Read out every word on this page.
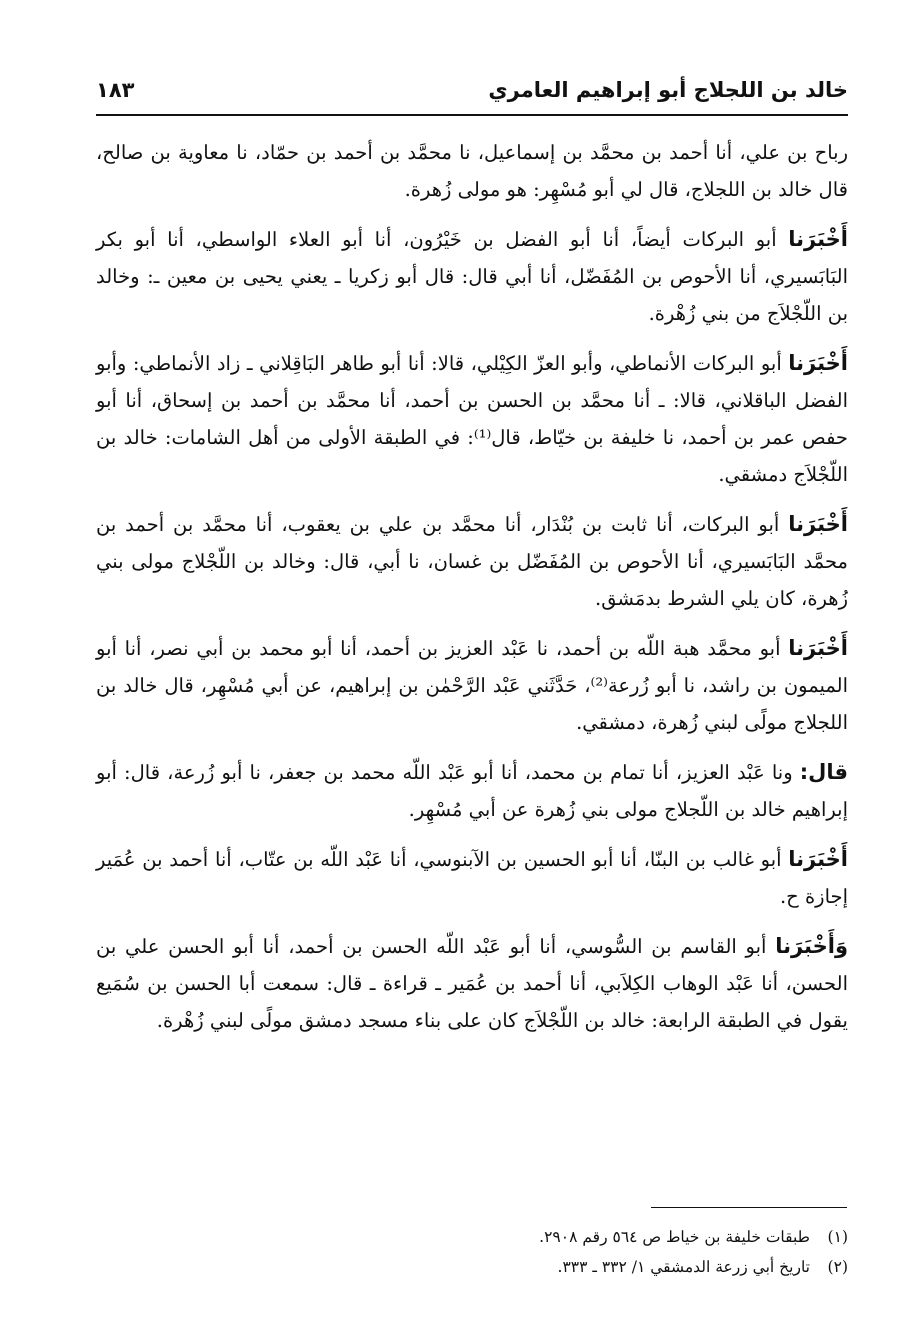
خالد بن اللجلاج أبو إبراهيم العامري
١٨٣

رباح بن علي، أنا أحمد بن محمَّد بن إسماعيل، نا محمَّد بن أحمد بن حمّاد، نا معاوية بن صالح، قال خالد بن اللجلاج، قال لي أبو مُسْهِر: هو مولى زُهرة.

أَخْبَرَنا أبو البركات أيضاً، أنا أبو الفضل بن خَيْرُون، أنا أبو العلاء الواسطي، أنا أبو بكر البَابَسيري، أنا الأحوص بن المُفَضّل، أنا أبي قال: قال أبو زكريا ـ يعني يحيى بن معين ـ: وخالد بن اللّجْلاَج من بني زُهْرة.

أَخْبَرَنا أبو البركات الأنماطي، وأبو العزّ الكِيْلي، قالا: أنا أبو طاهر البَاقِلاني ـ زاد الأنماطي: وأبو الفضل الباقلاني، قالا: ـ أنا محمَّد بن الحسن بن أحمد، أنا محمَّد بن أحمد بن إسحاق، أنا أبو حفص عمر بن أحمد، نا خليفة بن خيّاط، قال⁽¹⁾: في الطبقة الأولى من أهل الشامات: خالد بن اللّجْلاَج دمشقي.

أَخْبَرَنا أبو البركات، أنا ثابت بن بُنْدَار، أنا محمَّد بن علي بن يعقوب، أنا محمَّد بن أحمد بن محمَّد البَابَسيري، أنا الأحوص بن المُفَضّل بن غسان، نا أبي، قال: وخالد بن اللّجْلاج مولى بني زُهرة، كان يلي الشرط بدمَشق.

أَخْبَرَنا أبو محمَّد هبة اللّه بن أحمد، نا عَبْد العزيز بن أحمد، أنا أبو محمد بن أبي نصر، أنا أبو الميمون بن راشد، نا أبو زُرعة⁽²⁾، حَدَّثَني عَبْد الرَّحْمٰن بن إبراهيم، عن أبي مُسْهِر، قال خالد بن اللجلاج مولًى لبني زُهرة، دمشقي.

قال: ونا عَبْد العزيز، أنا تمام بن محمد، أنا أبو عَبْد اللّه محمد بن جعفر، نا أبو زُرعة، قال: أبو إبراهيم خالد بن اللّجلاج مولى بني زُهرة عن أبي مُسْهِر.

أَخْبَرَنا أبو غالب بن البنّا، أنا أبو الحسين بن الآبنوسي، أنا عَبْد اللّه بن عتّاب، أنا أحمد بن عُمَير إجازة ح.

وَأَخْبَرَنا أبو القاسم بن السُّوسي، أنا أبو عَبْد اللّه الحسن بن أحمد، أنا أبو الحسن علي بن الحسن، أنا عَبْد الوهاب الكِلاَبي، أنا أحمد بن عُمَير ـ قراءة ـ قال: سمعت أبا الحسن بن سُمَيع يقول في الطبقة الرابعة: خالد بن اللّجْلاَج كان على بناء مسجد دمشق مولًى لبني زُهْرة.

(١)طبقات خليفة بن خياط ص ٥٦٤ رقم ٢٩٠٨.
(٢)تاريخ أبي زرعة الدمشقي ١/ ٣٣٢ ـ ٣٣٣.
